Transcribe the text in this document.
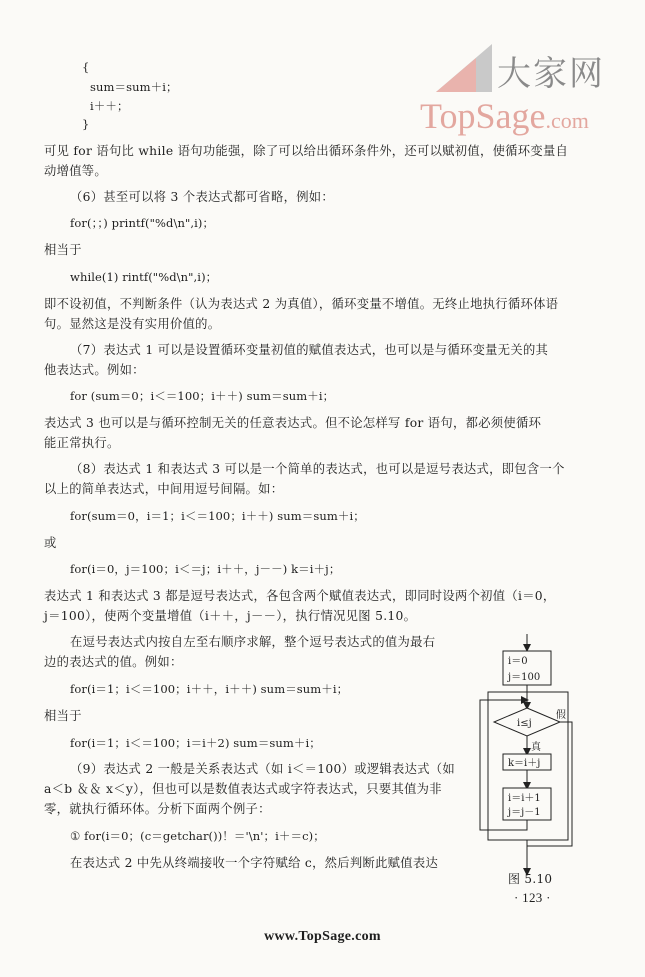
大家网
TopSage.com
{
sum＝sum＋i；
i＋＋；
}
可见 for 语句比 while 语句功能强，除了可以给出循环条件外，还可以赋初值，使循环变量自
动增值等。
（6）甚至可以将 3 个表达式都可省略，例如：
for(；；) printf("%d\n",i)；
相当于
while(1) rintf("%d\n",i)；
即不设初值，不判断条件（认为表达式 2 为真值），循环变量不增值。无终止地执行循环体语
句。显然这是没有实用价值的。
（7）表达式 1 可以是设置循环变量初值的赋值表达式，也可以是与循环变量无关的其
他表达式。例如：
for (sum＝0；i＜＝100；i＋＋) sum＝sum＋i；
表达式 3 也可以是与循环控制无关的任意表达式。但不论怎样写 for 语句，都必须使循环
能正常执行。
（8）表达式 1 和表达式 3 可以是一个简单的表达式，也可以是逗号表达式，即包含一个
以上的简单表达式，中间用逗号间隔。如：
for(sum＝0，i＝1；i＜＝100；i＋＋) sum＝sum＋i；
或
for(i＝0，j＝100；i＜＝j；i＋＋，j－－) k＝i＋j；
表达式 1 和表达式 3 都是逗号表达式，各包含两个赋值表达式，即同时设两个初值（i＝0，
j＝100），使两个变量增值（i＋＋，j－－），执行情况见图 5.10。
在逗号表达式内按自左至右顺序求解，整个逗号表达式的值为最右
边的表达式的值。例如：
for(i＝1；i＜＝100；i＋＋，i＋＋) sum＝sum＋i；
相当于
for(i＝1；i＜＝100；i＝i＋2) sum＝sum＋i；
（9）表达式 2 一般是关系表达式（如 i＜＝100）或逻辑表达式（如
a＜b ＆＆ x＜y），但也可以是数值表达式或字符表达式，只要其值为非
零，就执行循环体。分析下面两个例子：
① for(i＝0；(c＝getchar())！＝'\n'；i＋＝c)；
在表达式 2 中先从终端接收一个字符赋给 c，然后判断此赋值表达
i＝0
j＝100
i≤j
假
真
k＝i＋j
i＝i＋1
j＝j－1
图 5.10
· 123 ·
www.TopSage.com
